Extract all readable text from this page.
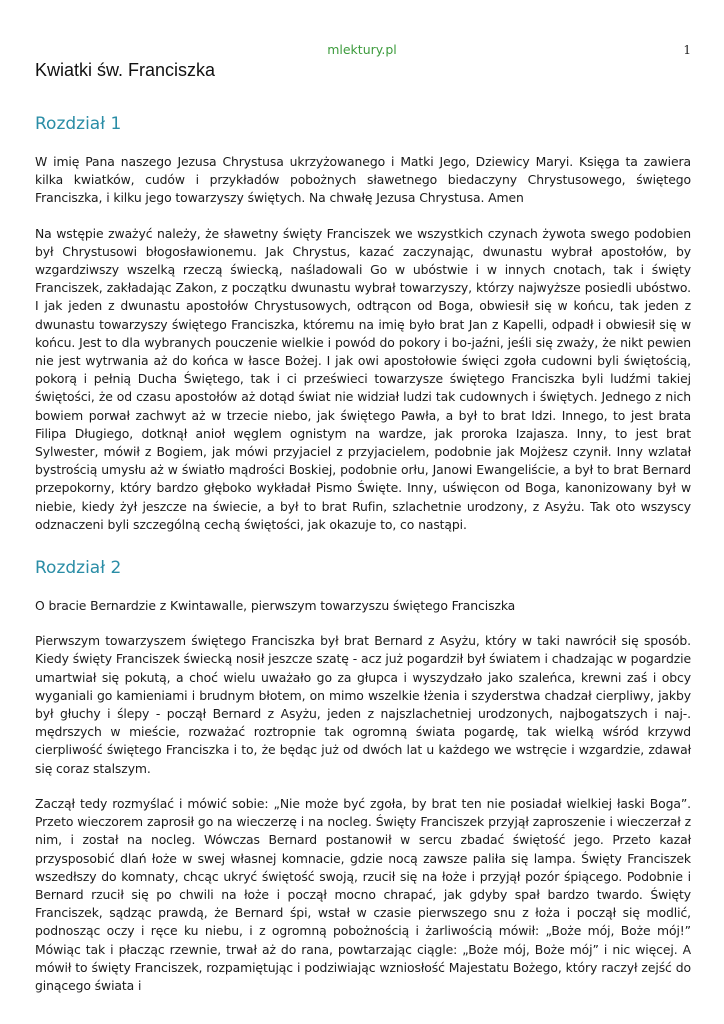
mlektury.pl	1
Kwiatki św. Franciszka
Rozdział 1

W imię Pana naszego Jezusa Chrystusa ukrzyżowanego i Matki Jego, Dziewicy Maryi. Księga ta zawiera kilka kwiatków, cudów i przykładów pobożnych sławetnego biedaczyny Chrystusowego, świętego Franciszka, i kilku jego towarzyszy świętych. Na chwałę Jezusa Chrystusa. Amen

Na wstępie zważyć należy, że sławetny święty Franciszek we wszystkich czynach żywota swego podobien był Chrystusowi błogosławionemu. Jak Chrystus, kazać zaczynając, dwunastu wybrał apostołów, by wzgardziwszy wszelką rzeczą świecką, naśladowali Go w ubóstwie i w innych cnotach, tak i święty Franciszek, zakładając Zakon, z początku dwunastu wybrał towarzyszy, którzy najwyższe posiedli ubóstwo. I jak jeden z dwunastu apostołów Chrystusowych, odtrącon od Boga, obwiesił się w końcu, tak jeden z dwunastu towarzyszy świętego Franciszka, któremu na imię było brat Jan z Kapelli, odpadł i obwiesił się w końcu. Jest to dla wybranych pouczenie wielkie i powód do pokory i bo-jaźni, jeśli się zważy, że nikt pewien nie jest wytrwania aż do końca w łasce Bożej. I jak owi apostołowie święci zgoła cudowni byli świętością, pokorą i pełnią Ducha Świętego, tak i ci prześwieci towarzysze świętego Franciszka byli ludźmi takiej świętości, że od czasu apostołów aż dotąd świat nie widział ludzi tak cudownych i świętych. Jednego z nich bowiem porwał zachwyt aż w trzecie niebo, jak świętego Pawła, a był to brat Idzi. Innego, to jest brata Filipa Długiego, dotknął anioł węglem ognistym na wardze, jak proroka Izajasza. Inny, to jest brat Sylwester, mówił z Bogiem, jak mówi przyjaciel z przyjacielem, podobnie jak Mojżesz czynił. Inny wzlatał bystrością umysłu aż w światło mądrości Boskiej, podobnie orłu, Janowi Ewangeliście, a był to brat Bernard przepokorny, który bardzo głęboko wykładał Pismo Święte. Inny, uświęcon od Boga, kanonizowany był w niebie, kiedy żył jeszcze na świecie, a był to brat Rufin, szlachetnie urodzony, z Asyżu. Tak oto wszyscy odznaczeni byli szczególną cechą świętości, jak okazuje to, co nastąpi.

Rozdział 2

O bracie Bernardzie z Kwintawalle, pierwszym towarzyszu świętego Franciszka

Pierwszym towarzyszem świętego Franciszka był brat Bernard z Asyżu, który w taki nawrócił się sposób. Kiedy święty Franciszek świecką nosił jeszcze szatę - acz już pogardził był światem i chadzając w pogardzie umartwiał się pokutą, a choć wielu uważało go za głupca i wyszydzało jako szaleńca, krewni zaś i obcy wyganiali go kamieniami i brudnym błotem, on mimo wszelkie łżenia i szyderstwa chadzał cierpliwy, jakby był głuchy i ślepy - począł Bernard z Asyżu, jeden z najszlachetniej urodzonych, najbogatszych i naj-. mędrszych w mieście, rozważać roztropnie tak ogromną świata pogardę, tak wielką wśród krzywd cierpliwość świętego Franciszka i to, że będąc już od dwóch lat u każdego we wstręcie i wzgardzie, zdawał się coraz stalszym.

Zaczął tedy rozmyślać i mówić sobie: „Nie może być zgoła, by brat ten nie posiadał wielkiej łaski Boga”. Przeto wieczorem zaprosił go na wieczerzę i na nocleg. Święty Franciszek przyjął zaproszenie i wieczerzał z nim, i został na nocleg. Wówczas Bernard postanowił w sercu zbadać świętość jego. Przeto kazał przysposobić dlań łoże w swej własnej komnacie, gdzie nocą zawsze paliła się lampa. Święty Franciszek wszedłszy do komnaty, chcąc ukryć świętość swoją, rzucił się na łoże i przyjął pozór śpiącego. Podobnie i Bernard rzucił się po chwili na łoże i począł mocno chrapać, jak gdyby spał bardzo twardo. Święty Franciszek, sądząc prawdą, że Bernard śpi, wstał w czasie pierwszego snu z łoża i począł się modlić, podnosząc oczy i ręce ku niebu, i z ogromną pobożnością i żarliwością mówił: „Boże mój, Boże mój!” Mówiąc tak i płacząc rzewnie, trwał aż do rana, powtarzając ciągle: „Boże mój, Boże mój” i nic więcej. A mówił to święty Franciszek, rozpamiętując i podziwiając wzniosłość Majestatu Bożego, który raczył zejść do ginącego świata i
